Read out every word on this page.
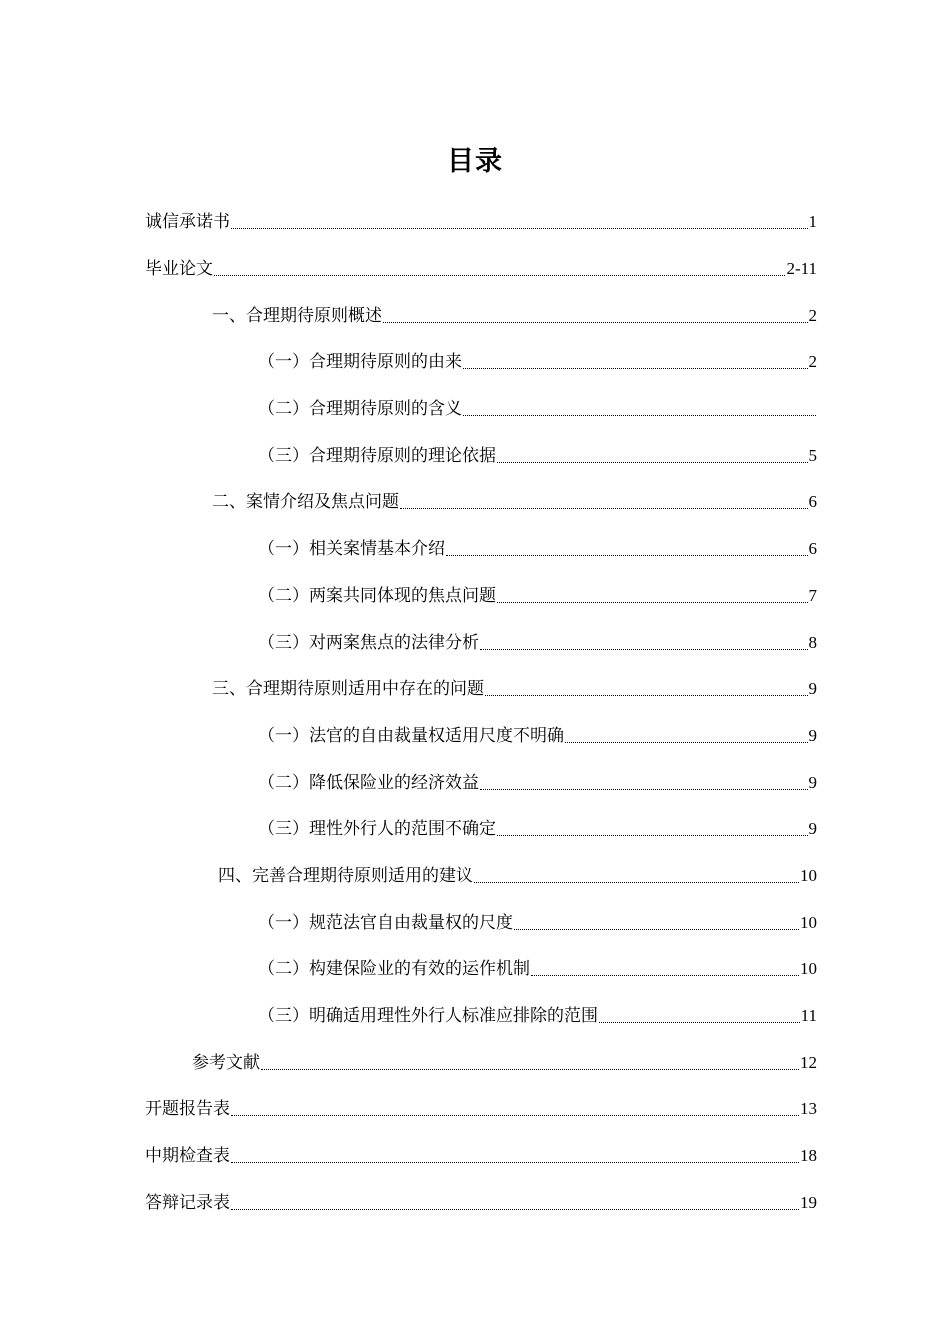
目录
诚信承诺书	1
毕业论文	2-11
一、合理期待原则概述	2
（一）合理期待原则的由来	2
（二）合理期待原则的含义
（三）合理期待原则的理论依据	5
二、案情介绍及焦点问题	6
（一）相关案情基本介绍	6
（二）两案共同体现的焦点问题	7
（三）对两案焦点的法律分析	8
三、合理期待原则适用中存在的问题	9
（一）法官的自由裁量权适用尺度不明确	9
（二）降低保险业的经济效益	9
（三）理性外行人的范围不确定	9
四、完善合理期待原则适用的建议	10
（一）规范法官自由裁量权的尺度	10
（二）构建保险业的有效的运作机制	10
（三）明确适用理性外行人标准应排除的范围	11
参考文献	12
开题报告表	13
中期检查表	18
答辩记录表	19
